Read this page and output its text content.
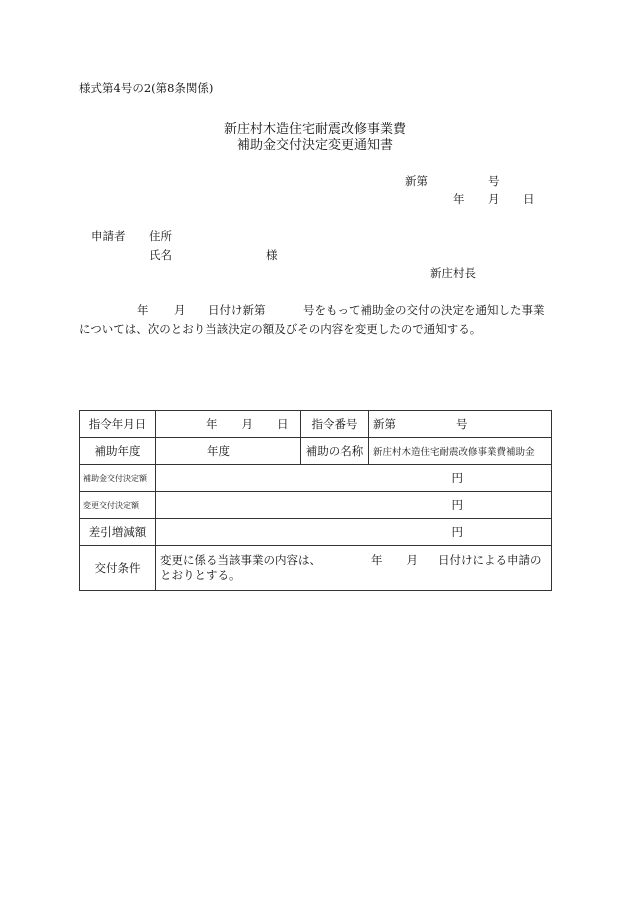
様式第4号の2(第8条関係)
新庄村木造住宅耐震改修事業費
補助金交付決定変更通知書
新第	号
年 月 日
申請者 住所
氏名	様
新庄村長
年 月 日付け新第	号をもって補助金の交付の決定を通知した事業
については、次のとおり当該決定の額及びその内容を変更したので通知する。
指令年月日	年 月 日	指令番号	新第 号
補助年度	年度	補助の名称	新庄村木造住宅耐震改修事業費補助金
補助金交付決定額	円		
変更交付決定額	円		
差引増減額	円		
交付条件	変更に係る当該事業の内容は、 年 月 日付けによる申請の
とおりとする。		
